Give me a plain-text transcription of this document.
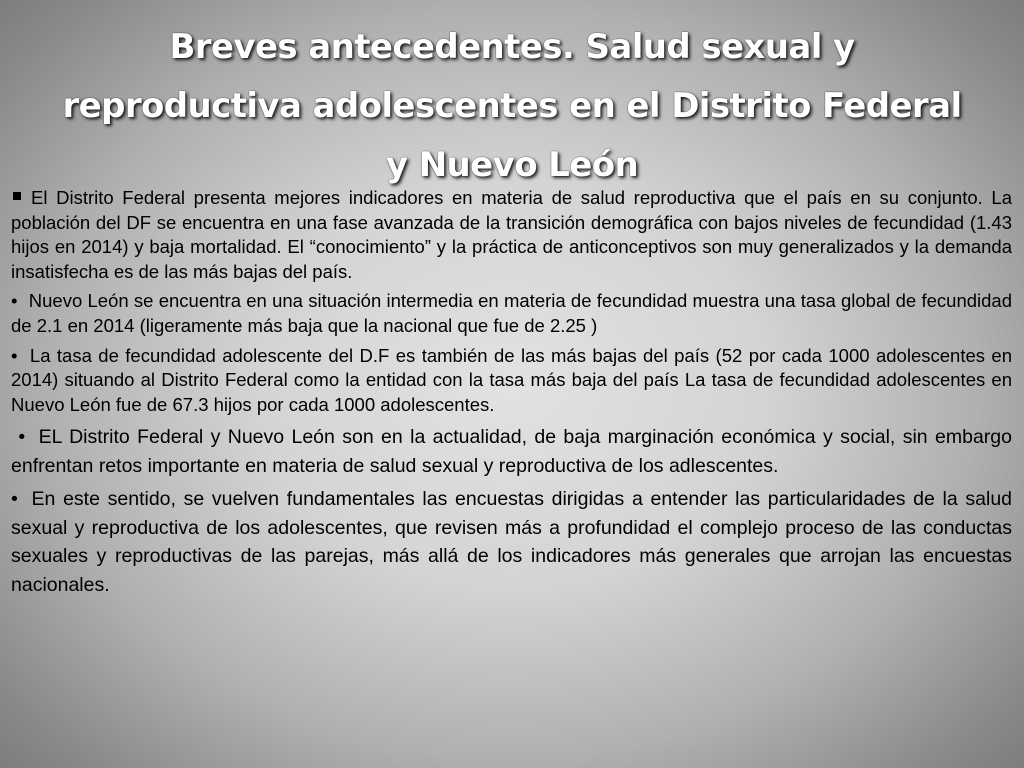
Breves antecedentes. Salud sexual y
reproductiva adolescentes en el Distrito Federal
y Nuevo León

El Distrito Federal presenta mejores indicadores en materia de salud reproductiva que el país en su conjunto. La población del DF se encuentra en una fase avanzada de la transición demográfica con bajos niveles de fecundidad (1.43 hijos en 2014) y baja mortalidad. El “conocimiento” y la práctica de anticonceptivos son muy generalizados y la demanda insatisfecha es de las más bajas del país.

• Nuevo León se encuentra en una situación intermedia en materia de fecundidad muestra una tasa global de fecundidad de 2.1 en 2014 (ligeramente más baja que la nacional que fue de 2.25 )

• La tasa de fecundidad adolescente del D.F es también de las más bajas del país (52 por cada 1000 adolescentes en 2014) situando al Distrito Federal como la entidad con la tasa más baja del país La tasa de fecundidad adolescentes en Nuevo León fue de 67.3 hijos por cada 1000 adolescentes.

• EL Distrito Federal y Nuevo León son en la actualidad, de baja marginación económica y social, sin embargo enfrentan retos importante en materia de salud sexual y reproductiva de los adlescentes.

• En este sentido, se vuelven fundamentales las encuestas dirigidas a entender las particularidades de la salud sexual y reproductiva de los adolescentes, que revisen más a profundidad el complejo proceso de las conductas sexuales y reproductivas de las parejas, más allá de los indicadores más generales que arrojan las encuestas nacionales.
